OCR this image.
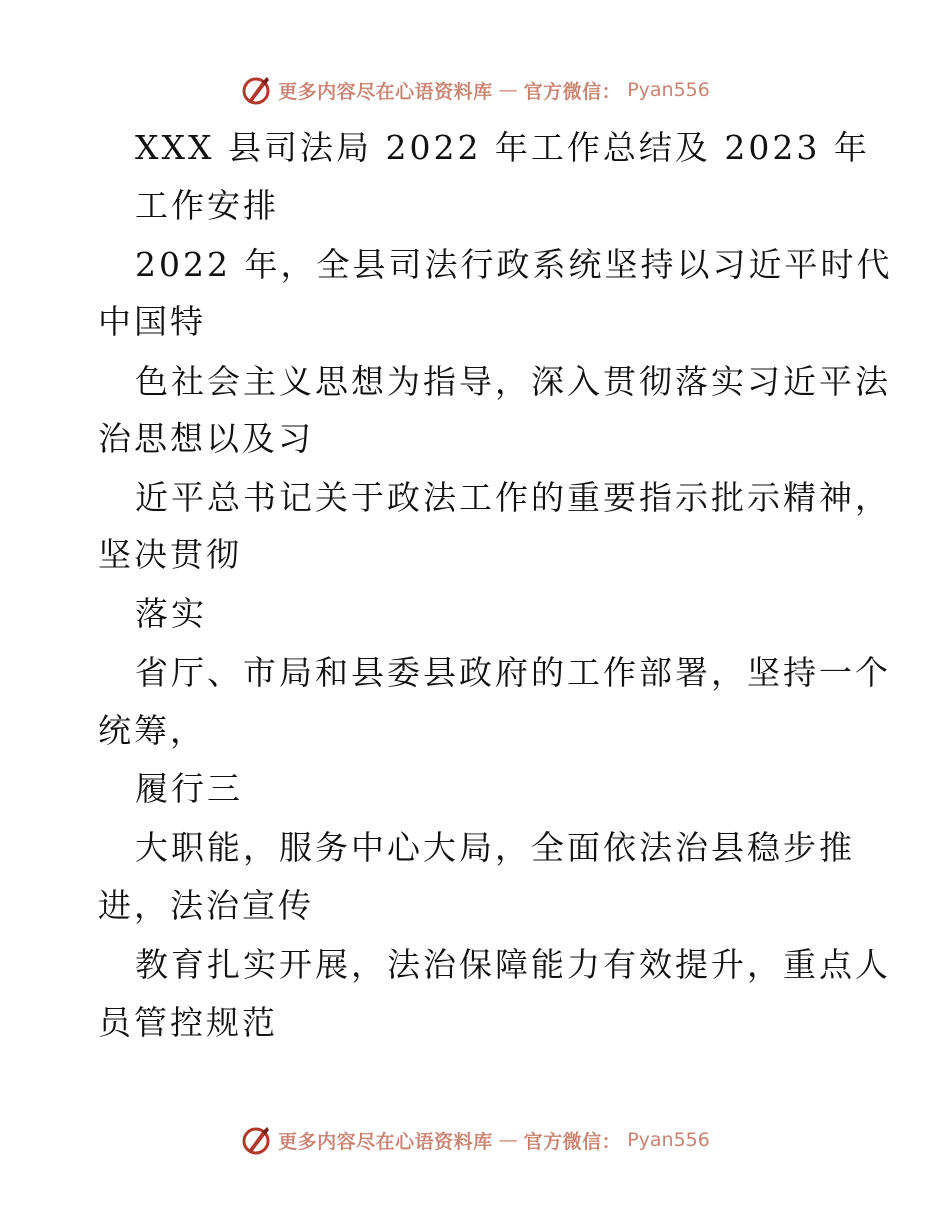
更多内容尽在心语资料库 — 官方微信： Pyan556
XXX 县司法局 2022 年工作总结及 2023 年
工作安排
2022 年，全县司法行政系统坚持以习近平时代
中国特
色社会主义思想为指导，深入贯彻落实习近平法
治思想以及习
近平总书记关于政法工作的重要指示批示精神，
坚决贯彻
落实
省厅、市局和县委县政府的工作部署，坚持一个
统筹，
履行三
大职能，服务中心大局，全面依法治县稳步推
进，法治宣传
教育扎实开展，法治保障能力有效提升，重点人
员管控规范
更多内容尽在心语资料库 — 官方微信： Pyan556
